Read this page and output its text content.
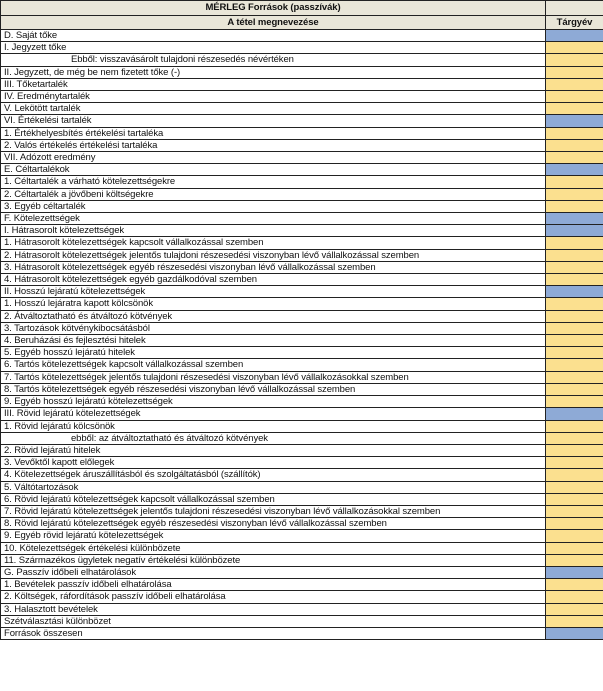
MÉRLEG Források (passzívák)	
A tétel megnevezése	Tárgyév
D. Saját tőke	
I. Jegyzett tőke	
Ebből: visszavásárolt tulajdoni részesedés névértéken	
II. Jegyzett, de még be nem fizetett tőke (-)	
III. Tőketartalék	
IV. Eredménytartalék	
V. Lekötött tartalék	
VI. Értékelési tartalék	
1. Értékhelyesbítés értékelési tartaléka	
2. Valós értékelés értékelési tartaléka	
VII. Adózott eredmény	
E. Céltartalékok	
1. Céltartalék a várható kötelezettségekre	
2. Céltartalék a jövőbeni költségekre	
3. Egyéb céltartalék	
F. Kötelezettségek	
I. Hátrasorolt kötelezettségek	
1. Hátrasorolt kötelezettségek kapcsolt vállalkozással szemben	
2. Hátrasorolt kötelezettségek jelentős tulajdoni részesedési viszonyban lévő vállalkozással szemben	
3. Hátrasorolt kötelezettségek egyéb részesedési viszonyban lévő vállalkozással szemben	
4. Hátrasorolt kötelezettségek egyéb gazdálkodóval szemben	
II. Hosszú lejáratú kötelezettségek	
1. Hosszú lejáratra kapott kölcsönök	
2. Átváltoztatható és átváltozó kötvények	
3. Tartozások kötvénykibocsátásból	
4. Beruházási és fejlesztési hitelek	
5. Egyéb hosszú lejáratú hitelek	
6. Tartós kötelezettségek kapcsolt vállalkozással szemben	
7. Tartós kötelezettségek jelentős tulajdoni részesedési viszonyban lévő vállalkozásokkal szemben	
8. Tartós kötelezettségek egyéb részesedési viszonyban lévő vállalkozással szemben	
9. Egyéb hosszú lejáratú kötelezettségek	
III. Rövid lejáratú kötelezettségek	
1. Rövid lejáratú kölcsönök	
ebből: az átváltoztatható és átváltozó kötvények	
2. Rövid lejáratú hitelek	
3. Vevőktől kapott előlegek	
4. Kötelezettségek áruszállításból és szolgáltatásból (szállítók)	
5. Váltótartozások	
6. Rövid lejáratú kötelezettségek kapcsolt vállalkozással szemben	
7. Rövid lejáratú kötelezettségek jelentős tulajdoni részesedési viszonyban lévő vállalkozásokkal szemben	
8. Rövid lejáratú kötelezettségek egyéb részesedési viszonyban lévő vállalkozással szemben	
9. Egyéb rövid lejáratú kötelezettségek	
10. Kötelezettségek értékelési különbözete	
11. Származékos ügyletek negatív értékelési különbözete	
G. Passzív időbeli elhatárolások	
1. Bevételek passzív időbeli elhatárolása	
2. Költségek, ráfordítások passzív időbeli elhatárolása	
3. Halasztott bevételek	
Szétválasztási különbözet	
Források összesen	
